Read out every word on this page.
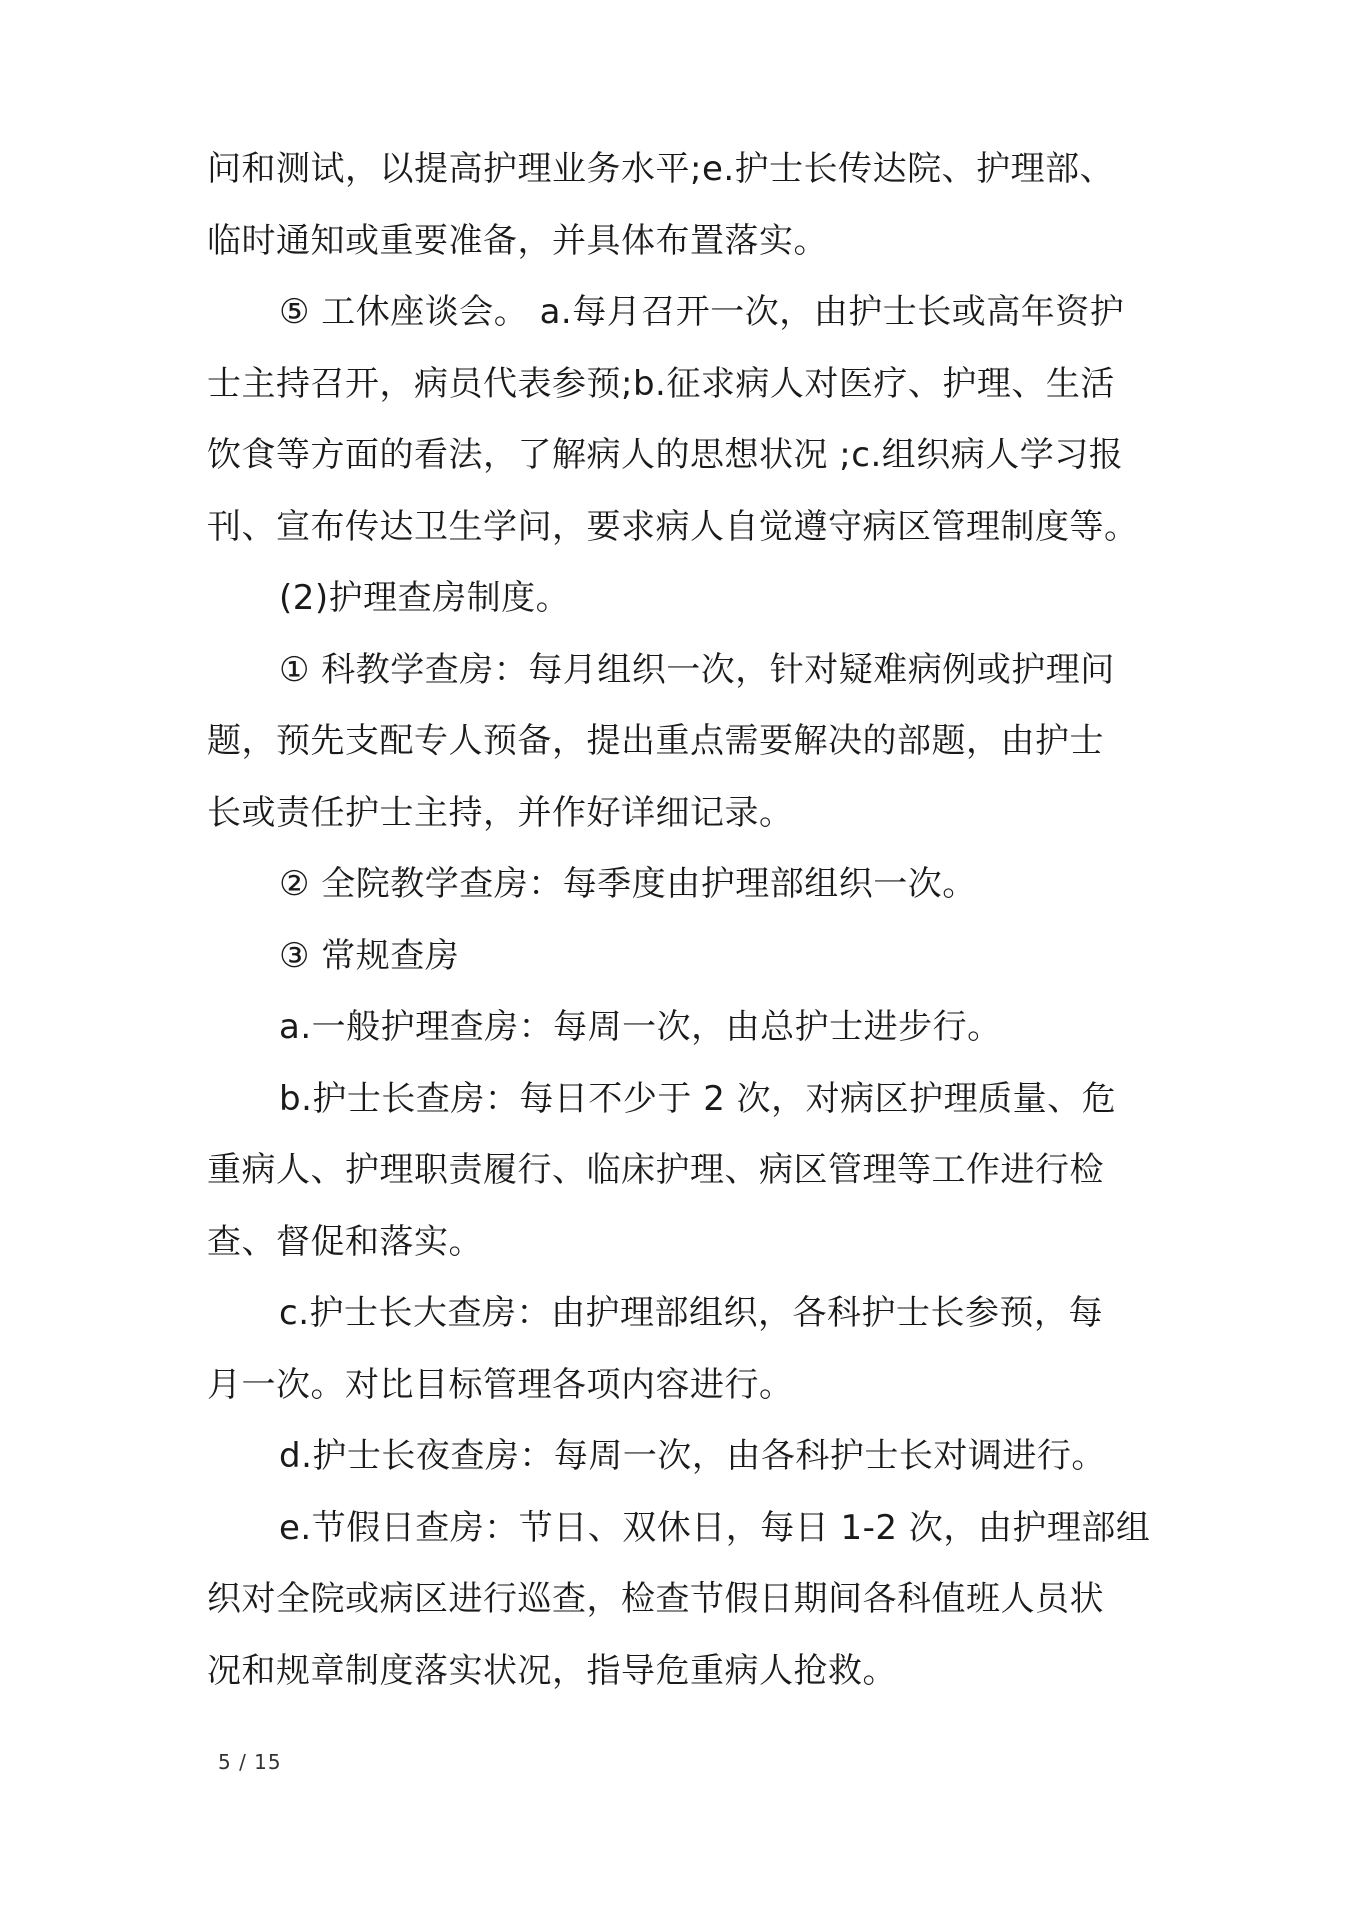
问和测试，以提高护理业务水平;e.护士长传达院、护理部、
临时通知或重要准备，并具体布置落实。
⑤ 工休座谈会。 a.每月召开一次，由护士长或高年资护
士主持召开，病员代表参预;b.征求病人对医疗、护理、生活
饮食等方面的看法，了解病人的思想状况 ;c.组织病人学习报
刊、宣布传达卫生学问，要求病人自觉遵守病区管理制度等。
(2)护理查房制度。
① 科教学查房：每月组织一次，针对疑难病例或护理问
题，预先支配专人预备，提出重点需要解决的部题，由护士
长或责任护士主持，并作好详细记录。
② 全院教学查房：每季度由护理部组织一次。
③ 常规查房
a.一般护理查房：每周一次，由总护士进步行。
b.护士长查房：每日不少于 2 次，对病区护理质量、危
重病人、护理职责履行、临床护理、病区管理等工作进行检
查、督促和落实。
c.护士长大查房：由护理部组织，各科护士长参预，每
月一次。对比目标管理各项内容进行。
d.护士长夜查房：每周一次，由各科护士长对调进行。
e.节假日查房：节日、双休日，每日 1-2 次，由护理部组
织对全院或病区进行巡查，检查节假日期间各科值班人员状
况和规章制度落实状况，指导危重病人抢救。
5 / 15
